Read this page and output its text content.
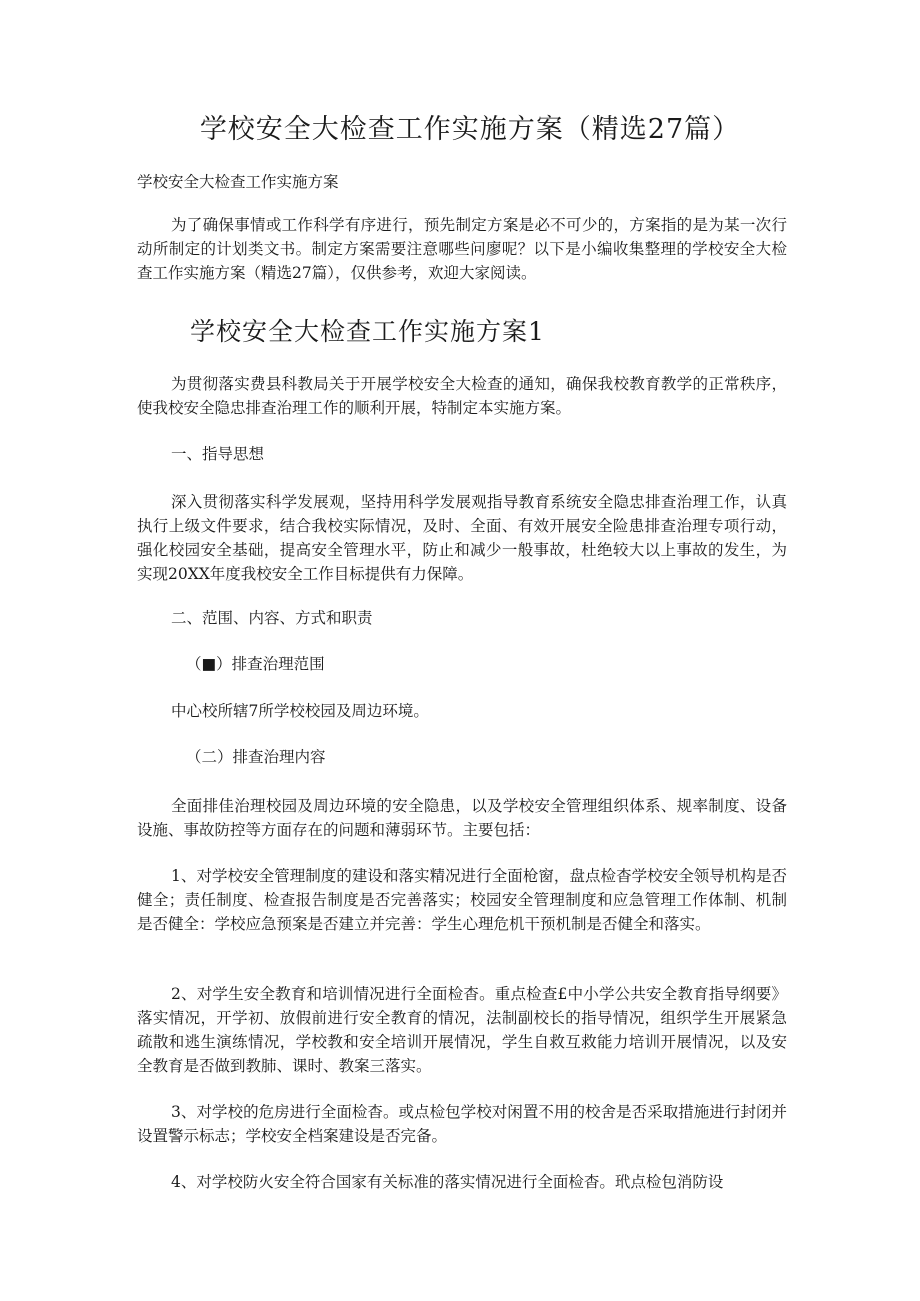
学校安全大检查工作实施方案（精选27篇）

学校安全大检查工作实施方案

为了确保事情或工作科学有序进行，预先制定方案是必不可少的，方案指的是为某一次行动所制定的计划类文书。制定方案需要注意哪些问廖呢？以下是小编收集整理的学校安全大检查工作实施方案（精选27篇），仅供参考，欢迎大家阅读。

学校安全大检查工作实施方案1

为贯彻落实费县科教局关于开展学校安全大检查的通知，确保我校教育教学的正常秩序，使我校安全隐忠排查治理工作的顺利开展，特制定本实施方案。

一、指导思想

深入贯彻落实科学发展观，坚持用科学发展观指导教育系统安全隐忠排查治理工作，认真执行上级文件要求，结合我校实际情况，及时、全面、有效开展安全险患排查治理专项行动，强化校园安全基础，提高安全管理水平，防止和减少一般事故，杜绝较大以上事故的发生，为实现20XX年度我校安全工作目标提供有力保障。

二、范围、内容、方式和职责

（■）排查治理范围

中心校所辖7所学校校园及周边环境。

（二）排查治理内容

全面排佳治理校园及周边环境的安全隐患，以及学校安全管理组织体系、规率制度、设备设施、事故防控等方面存在的问题和薄弱环节。主要包括：

1、对学校安全管理制度的建设和落实精况进行全面枪窗，盘点检杳学校安全领导机构是否健全；责任制度、检查报告制度是否完善落实；校园安全管理制度和应急管理工作体制、机制是否健全：学校应急预案是否建立并完善：学生心理危机干预机制是否健全和落实。

2、对学生安全教育和培训情况进行全面检杳。重点检查£中小学公共安全教育指导纲要》落实情况，开学初、放假前进行安全教育的情况，法制副校长的指导情况，组织学生开展紧急疏散和逃生演练情况，学校教和安全培训开展情况，学生自救互救能力培训开展情况，以及安全教育是否做到教肺、课时、教案三落实。

3、对学校的危房进行全面检杳。或点检包学校对闲置不用的校舍是否采取措施进行封闭并设置警示标志；学校安全档案建设是否完备。

4、对学校防火安全符合国家有关标准的落实情况进行全面检杳。玳点检包消防设
